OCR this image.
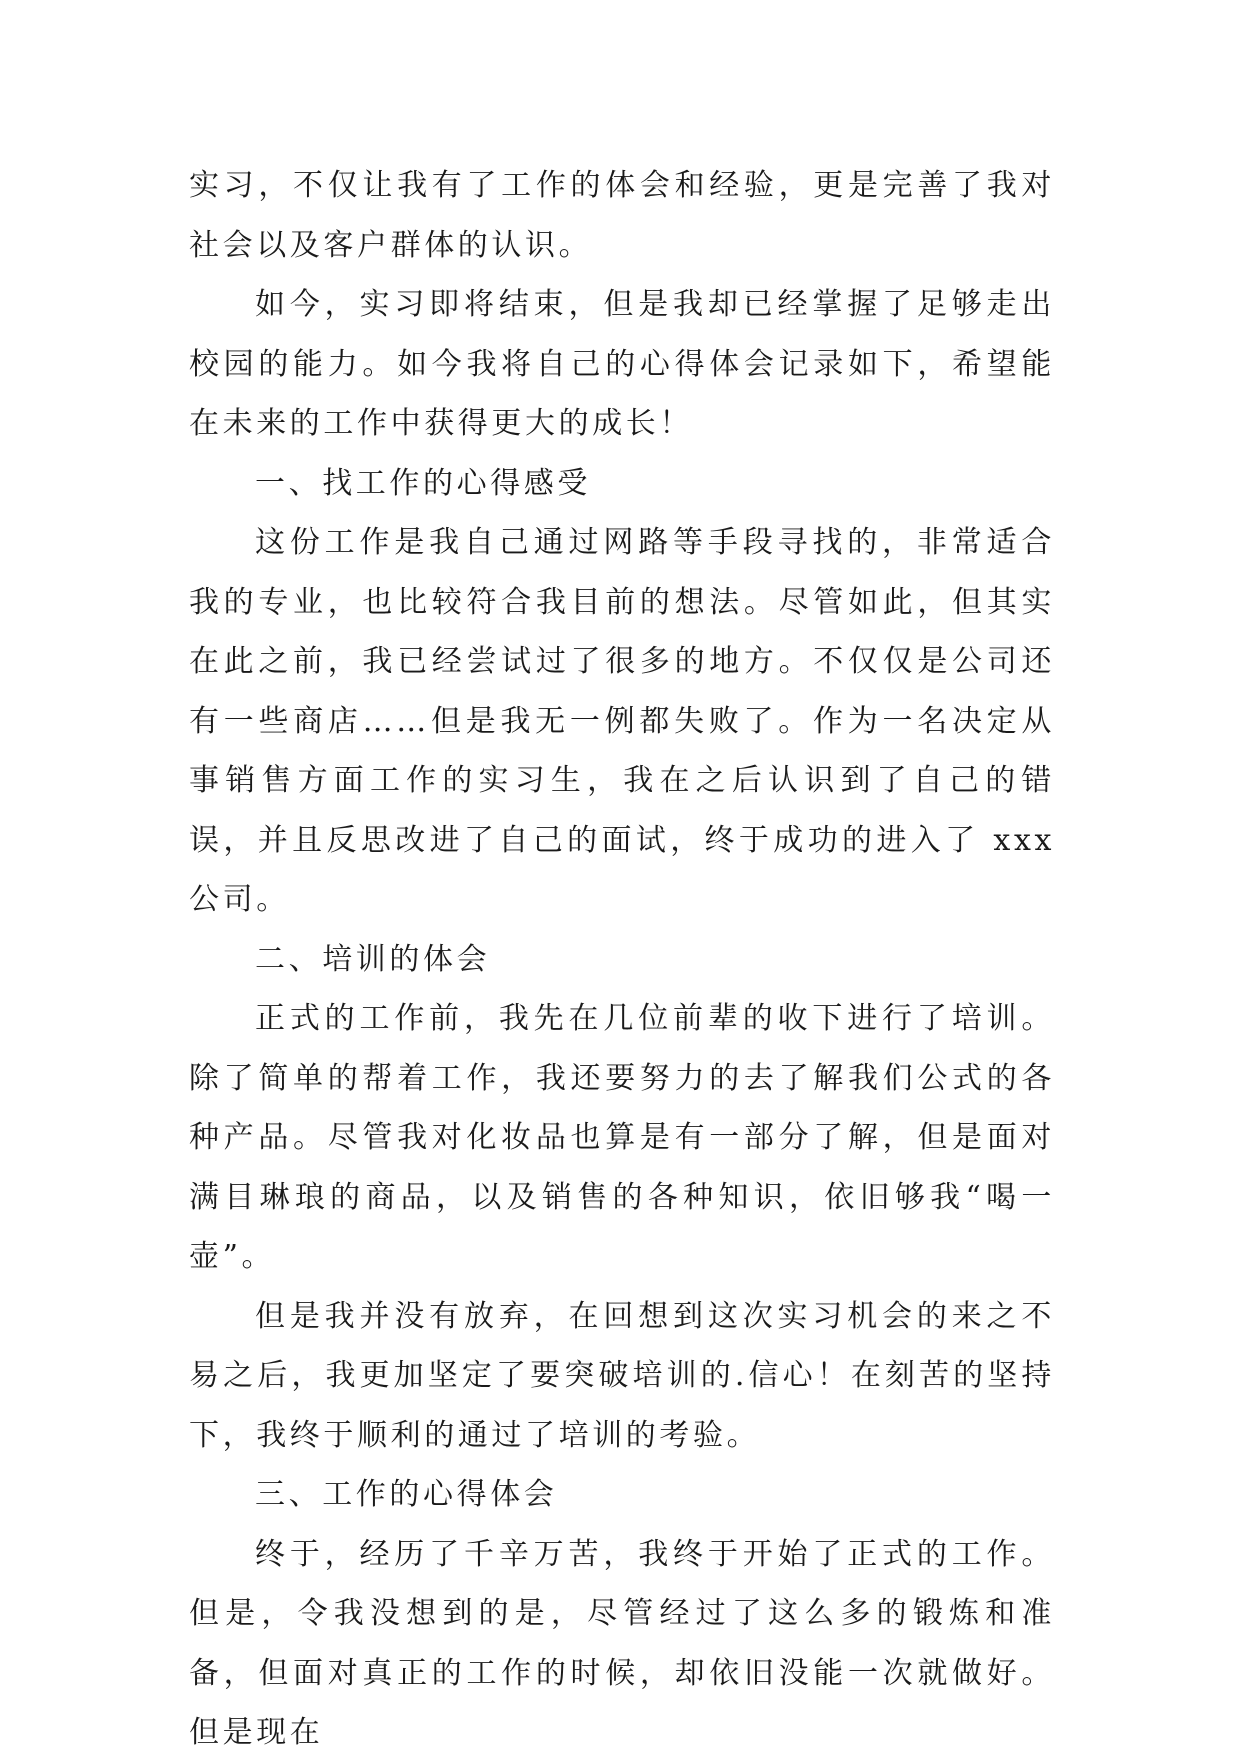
实习，不仅让我有了工作的体会和经验，更是完善了我对社会以及客户群体的认识。

如今，实习即将结束，但是我却已经掌握了足够走出校园的能力。如今我将自己的心得体会记录如下，希望能在未来的工作中获得更大的成长！

一、找工作的心得感受

这份工作是我自己通过网路等手段寻找的，非常适合我的专业，也比较符合我目前的想法。尽管如此，但其实在此之前，我已经尝试过了很多的地方。不仅仅是公司还有一些商店……但是我无一例都失败了。作为一名决定从事销售方面工作的实习生，我在之后认识到了自己的错误，并且反思改进了自己的面试，终于成功的进入了 xxx 公司。

二、培训的体会

正式的工作前，我先在几位前辈的收下进行了培训。除了简单的帮着工作，我还要努力的去了解我们公式的各种产品。尽管我对化妆品也算是有一部分了解，但是面对满目琳琅的商品，以及销售的各种知识，依旧够我“喝一壶”。

但是我并没有放弃，在回想到这次实习机会的来之不易之后，我更加坚定了要突破培训的.信心！在刻苦的坚持下，我终于顺利的通过了培训的考验。

三、工作的心得体会

终于，经历了千辛万苦，我终于开始了正式的工作。但是，令我没想到的是，尽管经过了这么多的锻炼和准备，但面对真正的工作的时候，却依旧没能一次就做好。但是现在
